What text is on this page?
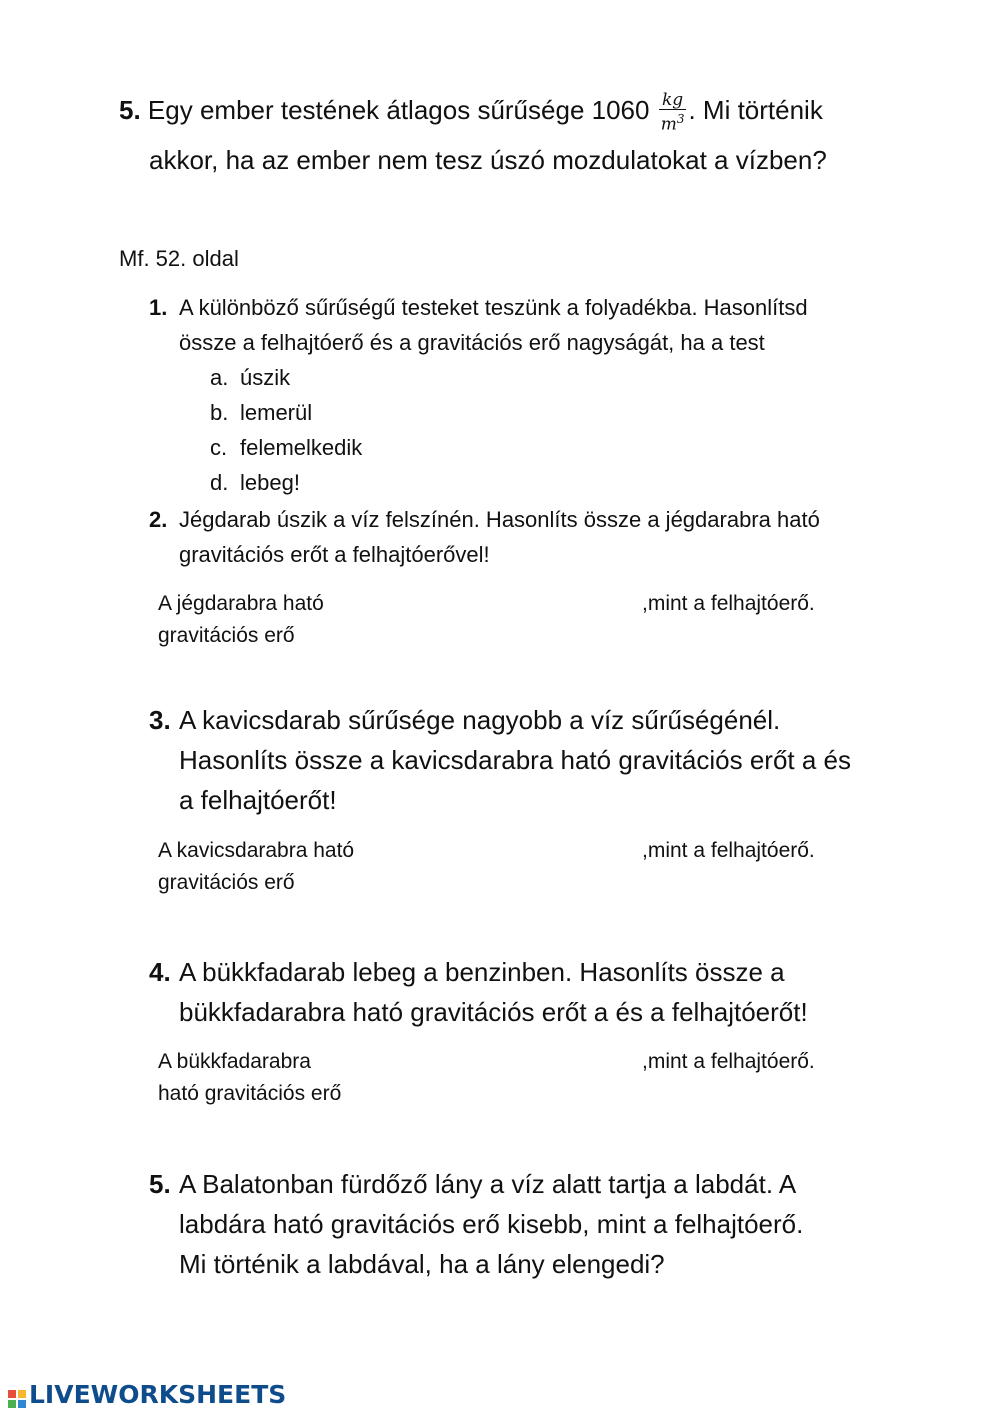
5. Egy ember testének átlagos sűrűsége $1060 \frac{kg}{m^3}$ . Mi történik
akkor, ha az ember nem tesz úszó mozdulatokat a vízben?
Mf. 52. oldal
1. A különböző sűrűségű testeket teszünk a folyadékba. Hasonlítsd
össze a felhajtóerő és a gravitációs erő nagyságát, ha a test
a. úszik
b. lemerül
c. felemelkedik
d. lebeg!
2. Jégdarab úszik a víz felszínén. Hasonlíts össze a jégdarabra ható
gravitációs erőt a felhajtóerővel!
A jégdarabra ható
gravitációs erő
,mint a felhajtóerő.
3. A kavicsdarab sűrűsége nagyobb a víz sűrűségénél.
Hasonlíts össze a kavicsdarabra ható gravitációs erőt a és
a felhajtóerőt!
A kavicsdarabra ható
gravitációs erő
,mint a felhajtóerő.
4. A bükkfadarab lebeg a benzinben. Hasonlíts össze a
bükkfadarabra ható gravitációs erőt a és a felhajtóerőt!
A bükkfadarabra
ható gravitációs erő
,mint a felhajtóerő.
5. A Balatonban fürdőző lány a víz alatt tartja a labdát. A
labdára ható gravitációs erő kisebb, mint a felhajtóerő.
Mi történik a labdával, ha a lány elengedi?
LIVEWORKSHEETS
